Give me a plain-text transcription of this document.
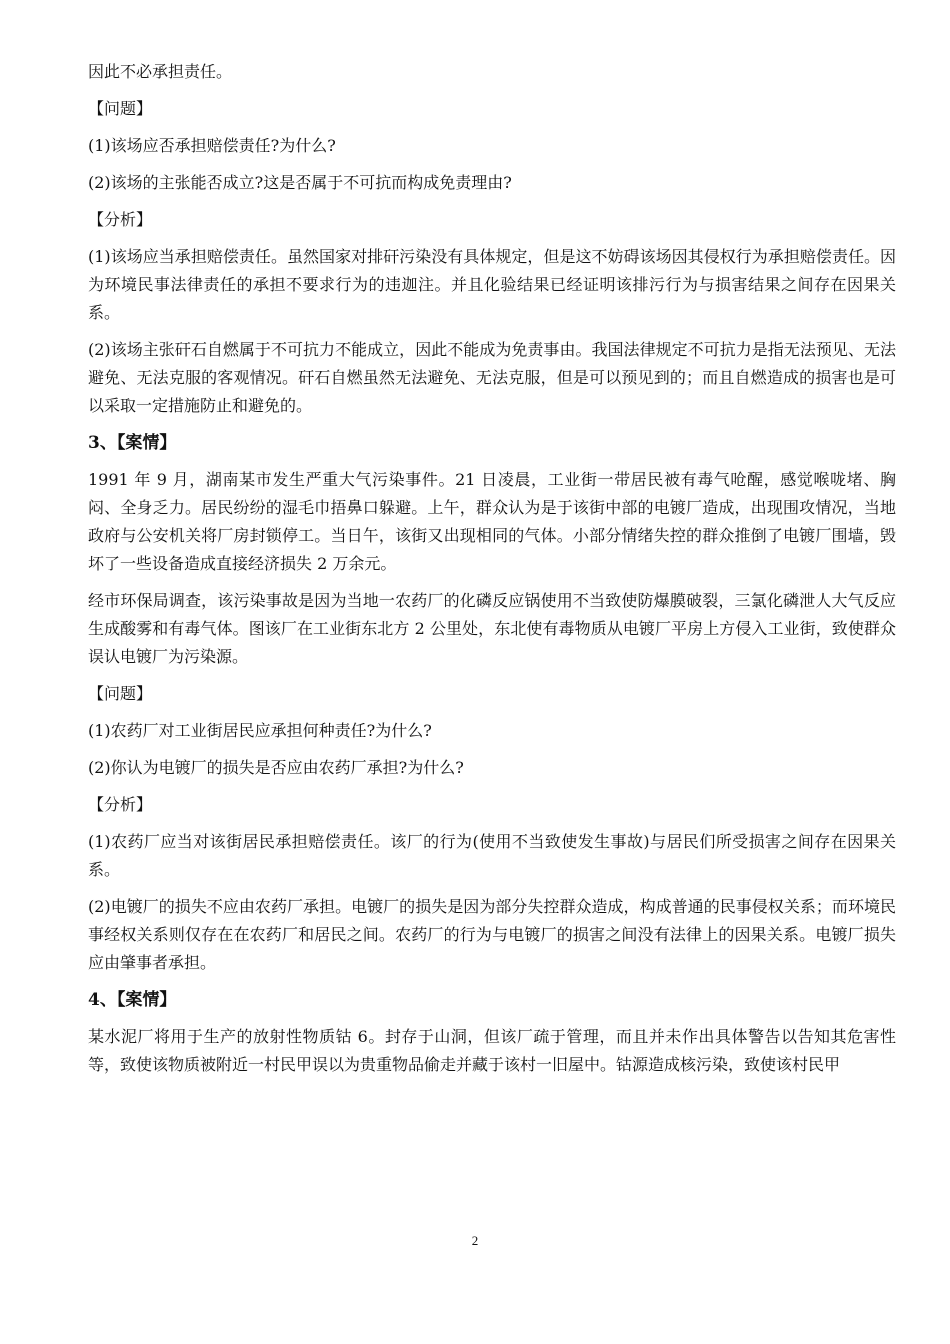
因此不必承担责任。

【问题】

(1)该场应否承担赔偿责任?为什么?

(2)该场的主张能否成立?这是否属于不可抗而构成免责理由?

【分析】

(1)该场应当承担赔偿责任。虽然国家对排矸污染没有具体规定，但是这不妨碍该场因其侵权行为承担赔偿责任。因为环境民事法律责任的承担不要求行为的违迦注。并且化验结果已经证明该排污行为与损害结果之间存在因果关系。

(2)该场主张矸石自燃属于不可抗力不能成立，因此不能成为免责事由。我国法律规定不可抗力是指无法预见、无法避免、无法克服的客观情况。矸石自燃虽然无法避免、无法克服，但是可以预见到的；而且自燃造成的损害也是可以采取一定措施防止和避免的。

3、【案情】

1991 年 9 月，湖南某市发生严重大气污染事件。21 日凌晨，工业街一带居民被有毒气呛醒，感觉喉咙堵、胸闷、全身乏力。居民纷纷的湿毛巾捂鼻口躲避。上午，群众认为是于该街中部的电镀厂造成，出现围攻情况，当地政府与公安机关将厂房封锁停工。当日午，该街又出现相同的气体。小部分情绪失控的群众推倒了电镀厂围墙，毁坏了一些设备造成直接经济损失 2 万余元。

经市环保局调查，该污染事故是因为当地一农药厂的化磷反应锅使用不当致使防爆膜破裂，三氯化磷泄人大气反应生成酸雾和有毒气体。图该厂在工业街东北方 2 公里处，东北使有毒物质从电镀厂平房上方侵入工业街，致使群众误认电镀厂为污染源。

【问题】

(1)农药厂对工业街居民应承担何种责任?为什么?

(2)你认为电镀厂的损失是否应由农药厂承担?为什么?

【分析】

(1)农药厂应当对该街居民承担赔偿责任。该厂的行为(使用不当致使发生事故)与居民们所受损害之间存在因果关系。

(2)电镀厂的损失不应由农药厂承担。电镀厂的损失是因为部分失控群众造成，构成普通的民事侵权关系；而环境民事经权关系则仅存在在农药厂和居民之间。农药厂的行为与电镀厂的损害之间没有法律上的因果关系。电镀厂损失应由肇事者承担。

4、【案情】

某水泥厂将用于生产的放射性物质钴 6。封存于山洞，但该厂疏于管理，而且并未作出具体警告以告知其危害性等，致使该物质被附近一村民甲误以为贵重物品偷走并藏于该村一旧屋中。钴源造成核污染，致使该村民甲

2
